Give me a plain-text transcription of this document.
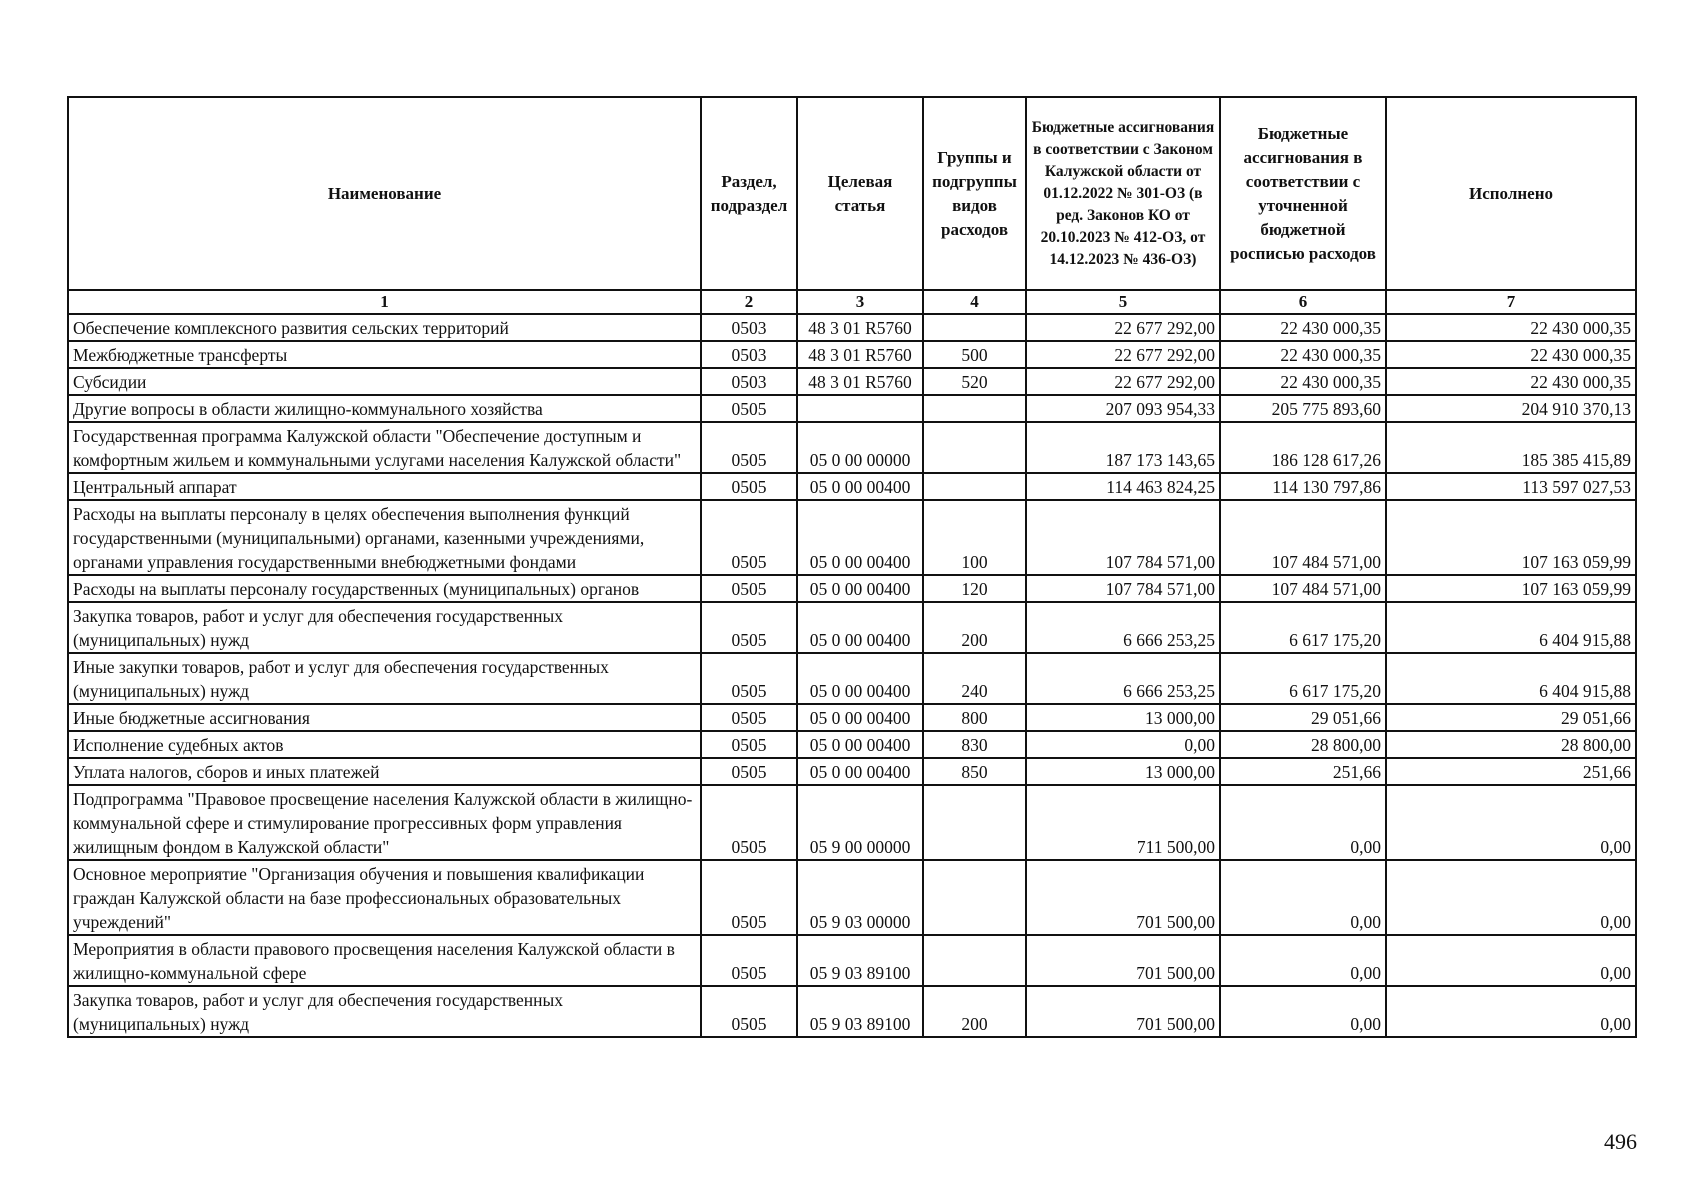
Наименование	Раздел, подраздел	Целевая статья	Группы и подгруппы видов расходов	Бюджетные ассигнования в соответствии с Законом Калужской области от 01.12.2022 № 301-ОЗ (в ред. Законов КО от 20.10.2023 № 412-ОЗ, от 14.12.2023 № 436-ОЗ)	Бюджетные ассигнования в соответствии с уточненной бюджетной росписью расходов	Исполнено
1	2	3	4	5	6	7
Обеспечение комплексного развития сельских территорий	0503	48 3 01 R5760		22 677 292,00	22 430 000,35	22 430 000,35
Межбюджетные трансферты	0503	48 3 01 R5760	500	22 677 292,00	22 430 000,35	22 430 000,35
Субсидии	0503	48 3 01 R5760	520	22 677 292,00	22 430 000,35	22 430 000,35
Другие вопросы в области жилищно-коммунального хозяйства	0505			207 093 954,33	205 775 893,60	204 910 370,13
Государственная программа Калужской области "Обеспечение доступным и комфортным жильем и коммунальными услугами населения Калужской области"	0505	05 0 00 00000		187 173 143,65	186 128 617,26	185 385 415,89
Центральный аппарат	0505	05 0 00 00400		114 463 824,25	114 130 797,86	113 597 027,53
Расходы на выплаты персоналу в целях обеспечения выполнения функций государственными (муниципальными) органами, казенными учреждениями, органами управления государственными внебюджетными фондами	0505	05 0 00 00400	100	107 784 571,00	107 484 571,00	107 163 059,99
Расходы на выплаты персоналу государственных (муниципальных) органов	0505	05 0 00 00400	120	107 784 571,00	107 484 571,00	107 163 059,99
Закупка товаров, работ и услуг для обеспечения государственных (муниципальных) нужд	0505	05 0 00 00400	200	6 666 253,25	6 617 175,20	6 404 915,88
Иные закупки товаров, работ и услуг для обеспечения государственных (муниципальных) нужд	0505	05 0 00 00400	240	6 666 253,25	6 617 175,20	6 404 915,88
Иные бюджетные ассигнования	0505	05 0 00 00400	800	13 000,00	29 051,66	29 051,66
Исполнение судебных актов	0505	05 0 00 00400	830	0,00	28 800,00	28 800,00
Уплата налогов, сборов и иных платежей	0505	05 0 00 00400	850	13 000,00	251,66	251,66
Подпрограмма "Правовое просвещение населения Калужской области в жилищно-коммунальной сфере и стимулирование прогрессивных форм управления жилищным фондом в Калужской области"	0505	05 9 00 00000		711 500,00	0,00	0,00
Основное мероприятие "Организация обучения и повышения квалификации граждан Калужской области на базе профессиональных образовательных учреждений"	0505	05 9 03 00000		701 500,00	0,00	0,00
Мероприятия в области правового просвещения населения Калужской области в жилищно-коммунальной сфере	0505	05 9 03 89100		701 500,00	0,00	0,00
Закупка товаров, работ и услуг для обеспечения государственных (муниципальных) нужд	0505	05 9 03 89100	200	701 500,00	0,00	0,00
496
